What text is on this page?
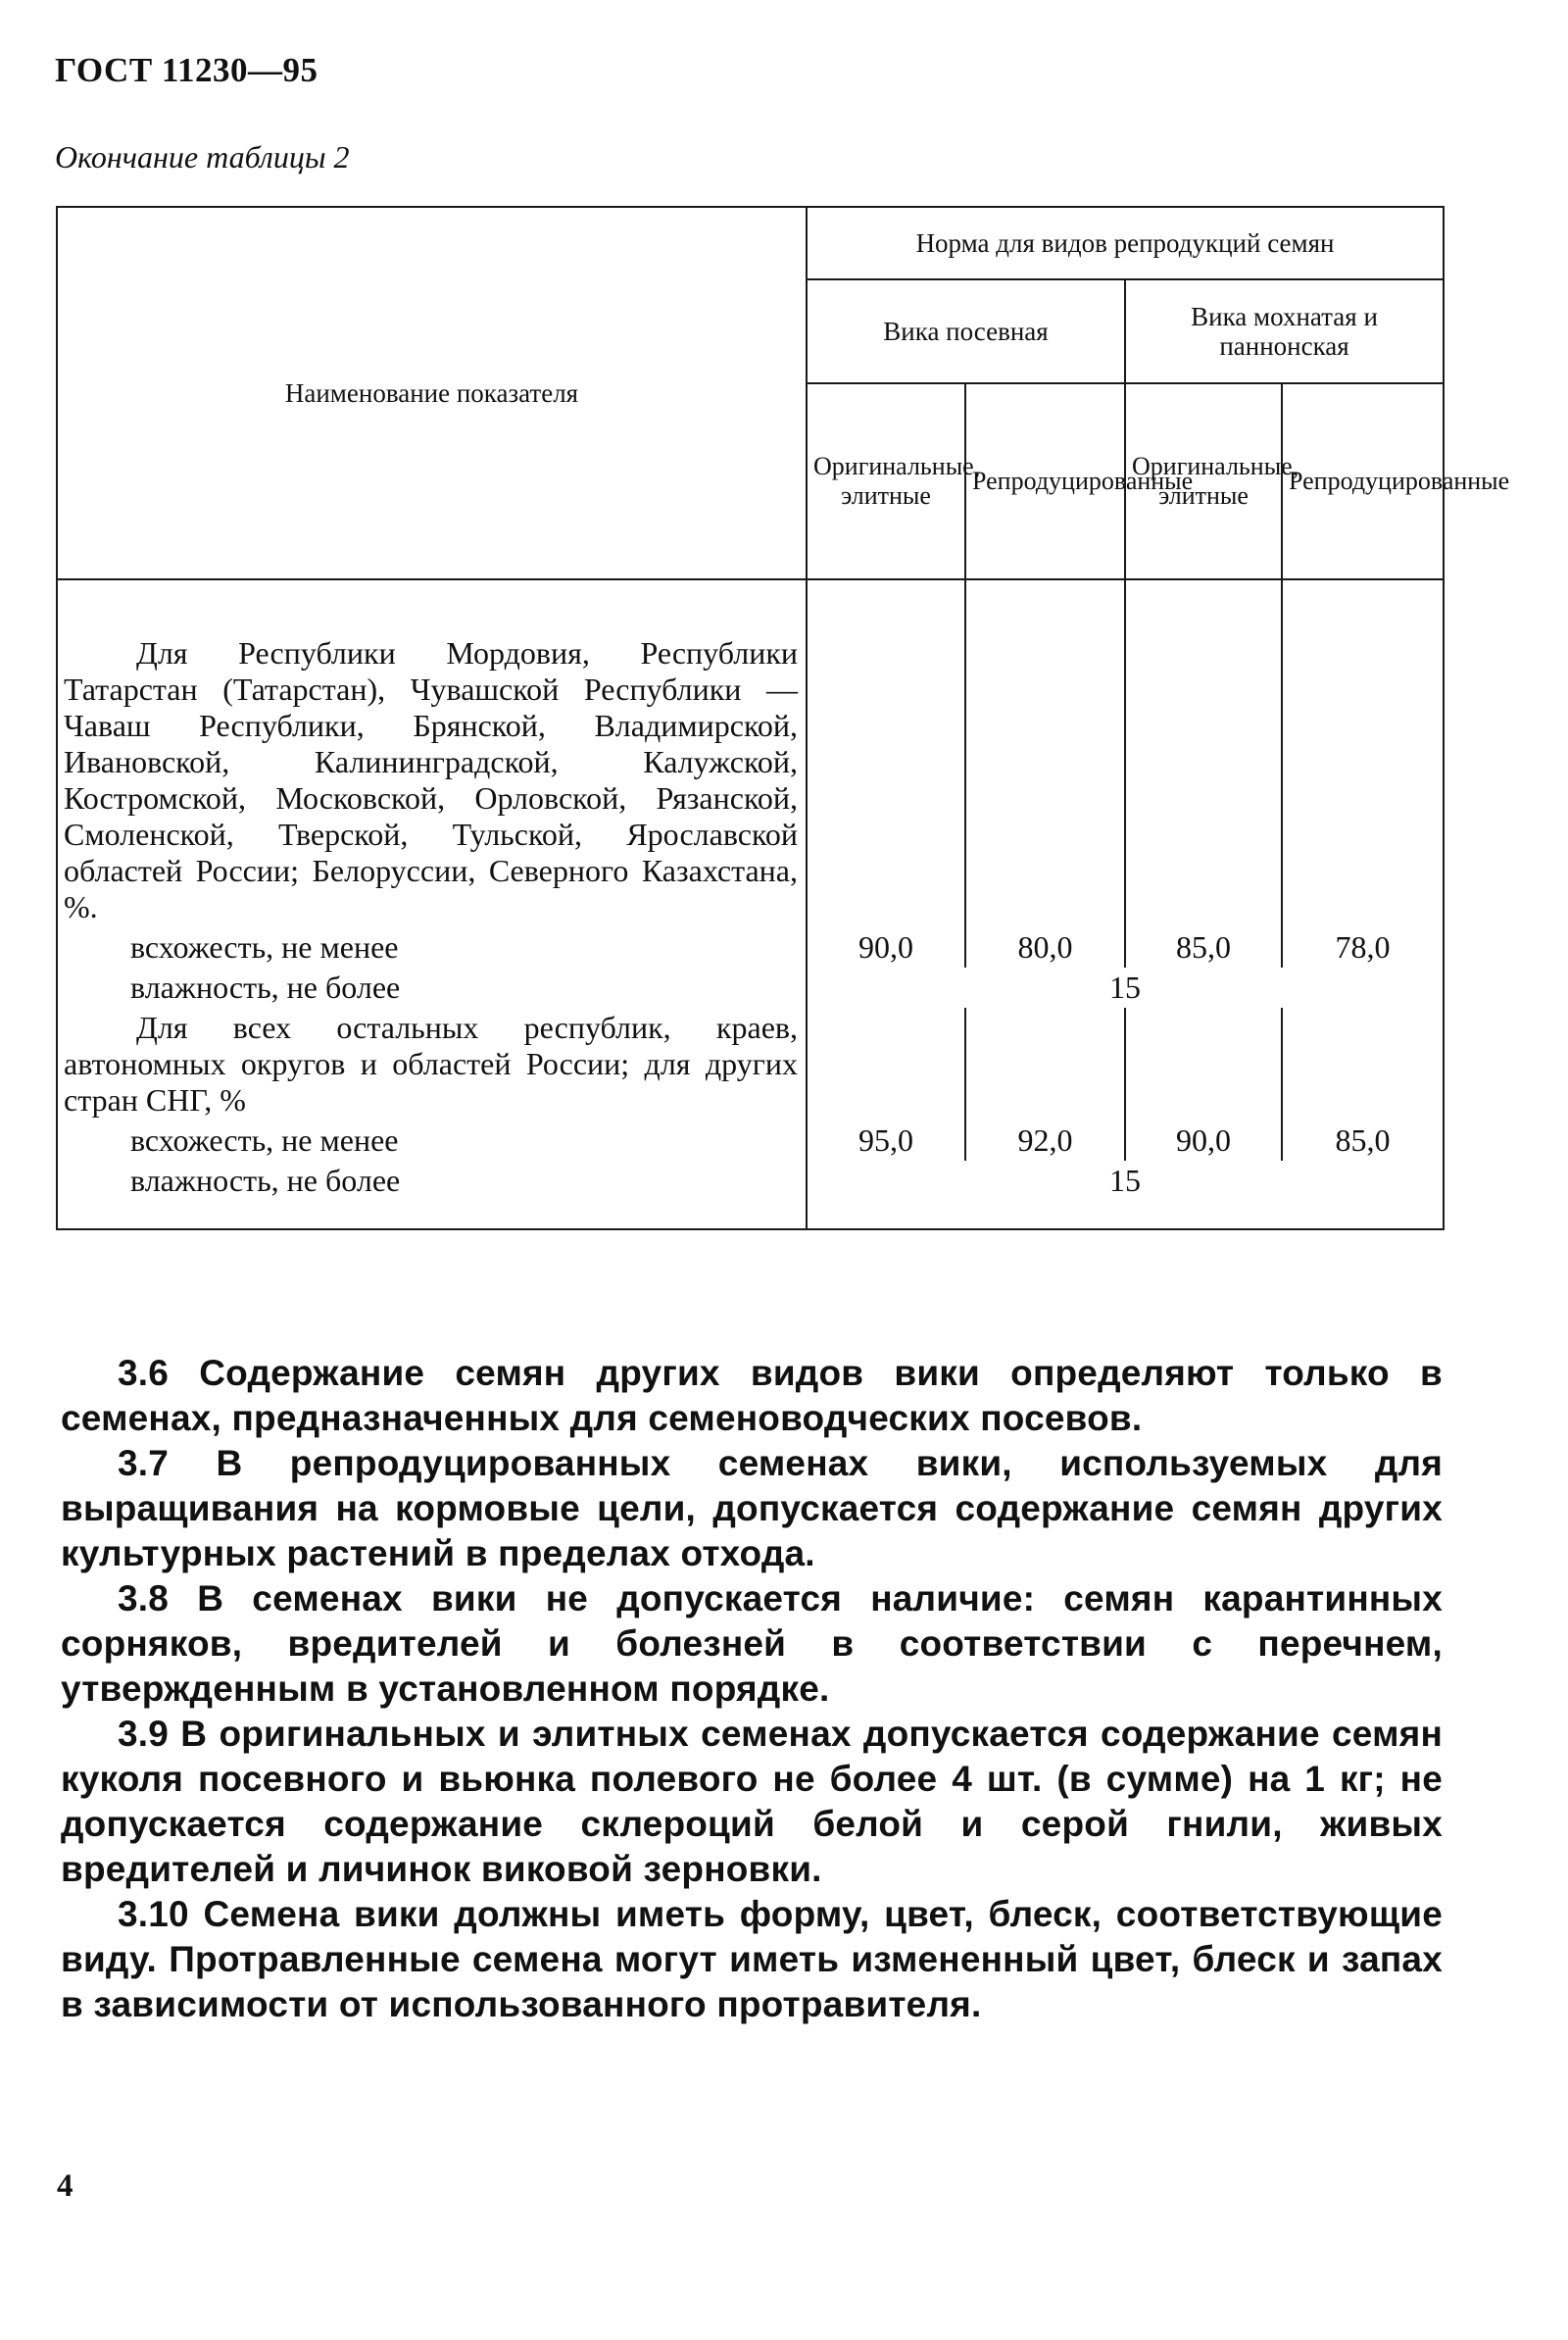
ГОСТ 11230—95
Окончание таблицы 2
Наименование показателя	Норма для видов репродукций семян			
	Вика посевная		Вика мохнатая и паннонская	
	Оригинальные, элитные	Репродуцированные	Оригинальные, элитные	Репродуцированные
Для Республики Мордовия, Республики Татарстан (Татарстан), Чувашской Республики — Чаваш Республики, Брянской, Владимирской, Ивановской, Калининградской, Калужской, Костромской, Московской, Орловской, Рязанской, Смоленской, Тверской, Тульской, Ярославской областей России; Белоруссии, Северного Казахстана, %.				
всхожесть, не менее	90,0	80,0	85,0	78,0
влажность, не более	15			
Для всех остальных республик, краев, автономных округов и областей России; для других стран СНГ, %				
всхожесть, не менее	95,0	92,0	90,0	85,0
влажность, не более	15			

3.6 Содержание семян других видов вики определяют только в семенах, предназначенных для семеноводческих посевов.

3.7 В репродуцированных семенах вики, используемых для выращивания на кормовые цели, допускается содержание семян других культурных растений в пределах отхода.

3.8 В семенах вики не допускается наличие: семян карантинных сорняков, вредителей и болезней в соответствии с перечнем, утвержденным в установленном порядке.

3.9 В оригинальных и элитных семенах допускается содержание семян куколя посевного и вьюнка полевого не более 4 шт. (в сумме) на 1 кг; не допускается содержание склероций белой и серой гнили, живых вредителей и личинок виковой зерновки.

3.10 Семена вики должны иметь форму, цвет, блеск, соответствующие виду. Протравленные семена могут иметь измененный цвет, блеск и запах в зависимости от использованного протравителя.

4
